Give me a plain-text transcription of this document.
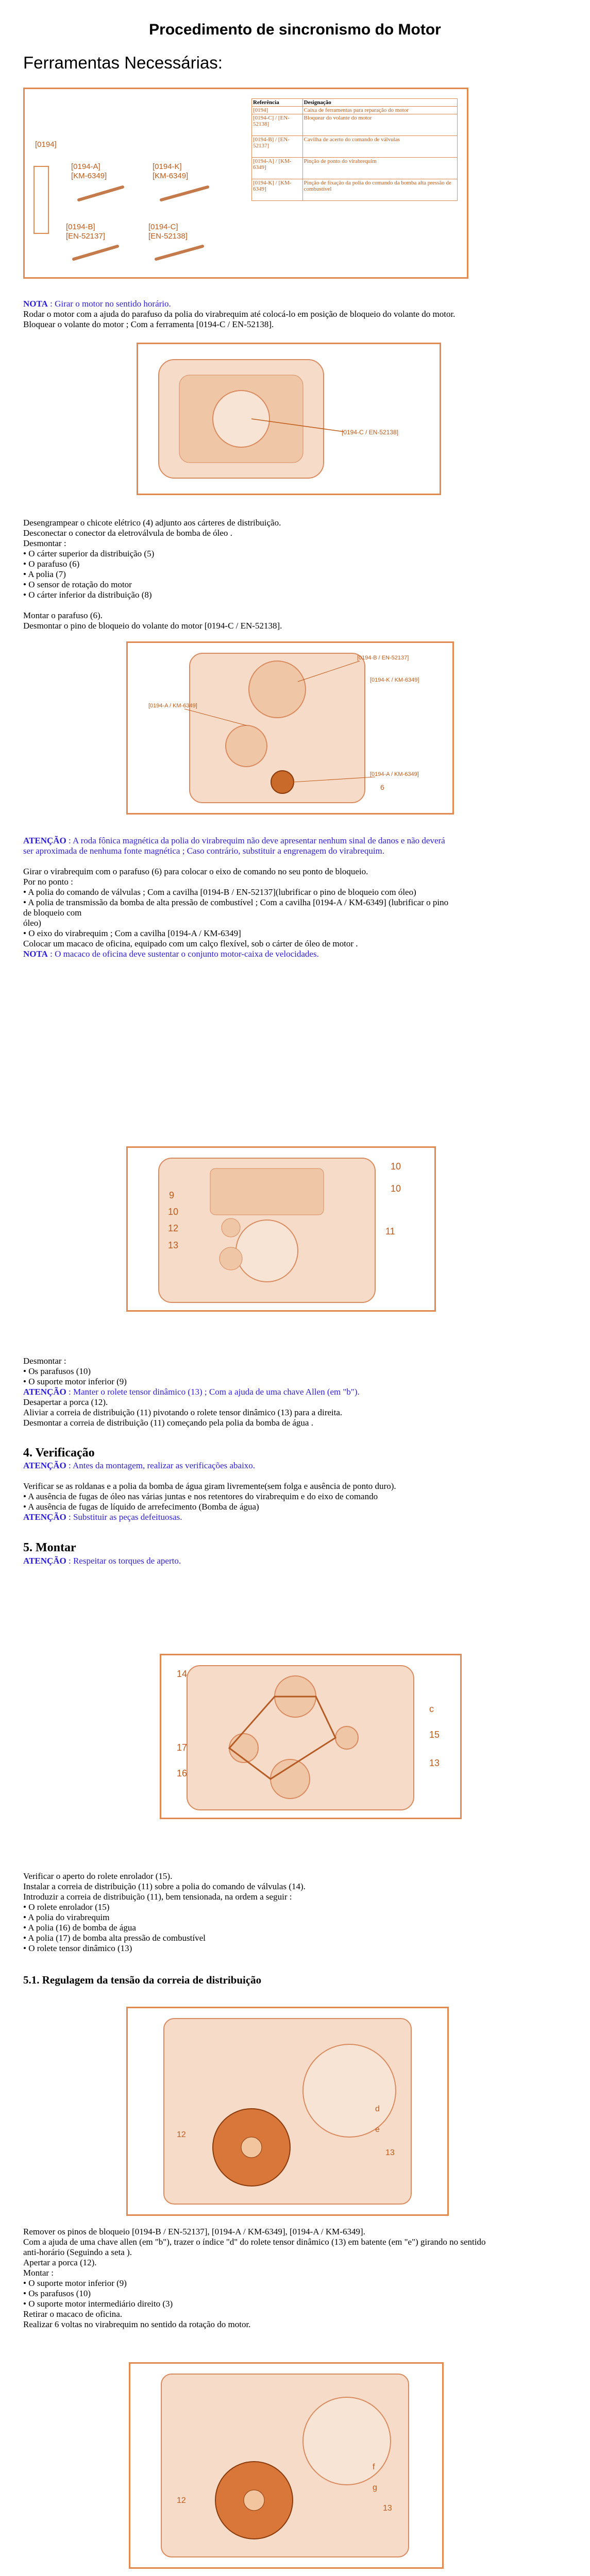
Procedimento de sincronismo do Motor
Ferramentas Necessárias:
[0194]
[0194-A]
[KM-6349]
[0194-K]
[KM-6349]
[0194-B]
[EN-52137]
[0194-C]
[EN-52138]
Referência	Designação
[0194]	Caixa de ferramentas para reparação do motor
[0194-C] / [EN-52138]	Bloquear do volante do motor
[0194-B] / [EN-52137]	Cavilha de acerto do comando de válvulas
[0194-A] / [KM-6349]	Pinção de ponto do virabrequim
[0194-K] / [KM-6349]	Pinção de fixação da polia do comando da bomba alta pressão de combustível
NOTA : Girar o motor no sentido horário.
Rodar o motor com a ajuda do parafuso da polia do virabrequim até colocá-lo em posição de bloqueio do volante do motor.
Bloquear o volante do motor ; Com a ferramenta [0194-C / EN-52138].
[0194-C / EN-52138]
Desengrampear o chicote elétrico (4) adjunto aos cárteres de distribuição.
Desconectar o conector da eletroválvula de bomba de óleo .
Desmontar :
• O cárter superior da distribuição (5)
• O parafuso (6)
• A polia (7)
• O sensor de rotação do motor
• O cárter inferior da distribuição (8)
Montar o parafuso (6).
Desmontar o pino de bloqueio do volante do motor [0194-C / EN-52138].
[0194-B / EN-52137]
[0194-A / KM-6349]
[0194-K / KM-6349]
[0194-A / KM-6349]
6
ATENÇÃO : A roda fônica magnética da polia do virabrequim não deve apresentar nenhum sinal de danos e não deverá
ser aproximada de nenhuma fonte magnética ; Caso contrário, substituir a engrenagem do virabrequim.
Girar o virabrequim com o parafuso (6) para colocar o eixo de comando no seu ponto de bloqueio.
Por no ponto :
• A polia do comando de válvulas ; Com a cavilha [0194-B / EN-52137](lubrificar o pino de bloqueio com óleo)
• A polia de transmissão da bomba de alta pressão de combustível ; Com a cavilha [0194-A / KM-6349] (lubrificar o pino
de bloqueio com
óleo)
• O eixo do virabrequim ; Com a cavilha [0194-A / KM-6349]
Colocar um macaco de oficina, equipado com um calço flexível, sob o cárter de óleo de motor .
NOTA : O macaco de oficina deve sustentar o conjunto motor-caixa de velocidades.
9
10
10
10
12
13
11
Desmontar :
• Os parafusos (10)
• O suporte motor inferior (9)
ATENÇÃO : Manter o rolete tensor dinâmico (13) ; Com a ajuda de uma chave Allen (em "b").
Desapertar a porca (12).
Aliviar a correia de distribuição (11) pivotando o rolete tensor dinâmico (13) para a direita.
Desmontar a correia de distribuição (11) começando pela polia da bomba de água .
4. Verificação
ATENÇÃO : Antes da montagem, realizar as verificações abaixo.
Verificar se as roldanas e a polia da bomba de água giram livremente(sem folga e ausência de ponto duro).
• A ausência de fugas de óleo nas várias juntas e nos retentores do virabrequim e do eixo de comando
• A ausência de fugas de líquido de arrefecimento (Bomba de água)
ATENÇÃO : Substituir as peças defeituosas.
5. Montar
ATENÇÃO : Respeitar os torques de aperto.
14
c
15
17
16
13
Verificar o aperto do rolete enrolador (15).
Instalar a correia de distribuição (11) sobre a polia do comando de válvulas (14).
Introduzir a correia de distribuição (11), bem tensionada, na ordem a seguir :
• O rolete enrolador (15)
• A polia do virabrequim
• A polia (16) de bomba de água
• A polia (17) de bomba alta pressão de combustível
• O rolete tensor dinâmico (13)
5.1. Regulagem da tensão da correia de distribuição
d
e
12
13
Remover os pinos de bloqueio [0194-B / EN-52137], [0194-A / KM-6349], [0194-A / KM-6349].
Com a ajuda de uma chave allen (em "b"), trazer o índice "d" do rolete tensor dinâmico (13) em batente (em "e") girando no sentido
anti-horário (Seguindo a seta ).
Apertar a porca (12).
Montar :
• O suporte motor inferior (9)
• Os parafusos (10)
• O suporte motor intermediário direito (3)
Retirar o macaco de oficina.
Realizar 6 voltas no virabrequim no sentido da rotação do motor.
f
g
12
13
